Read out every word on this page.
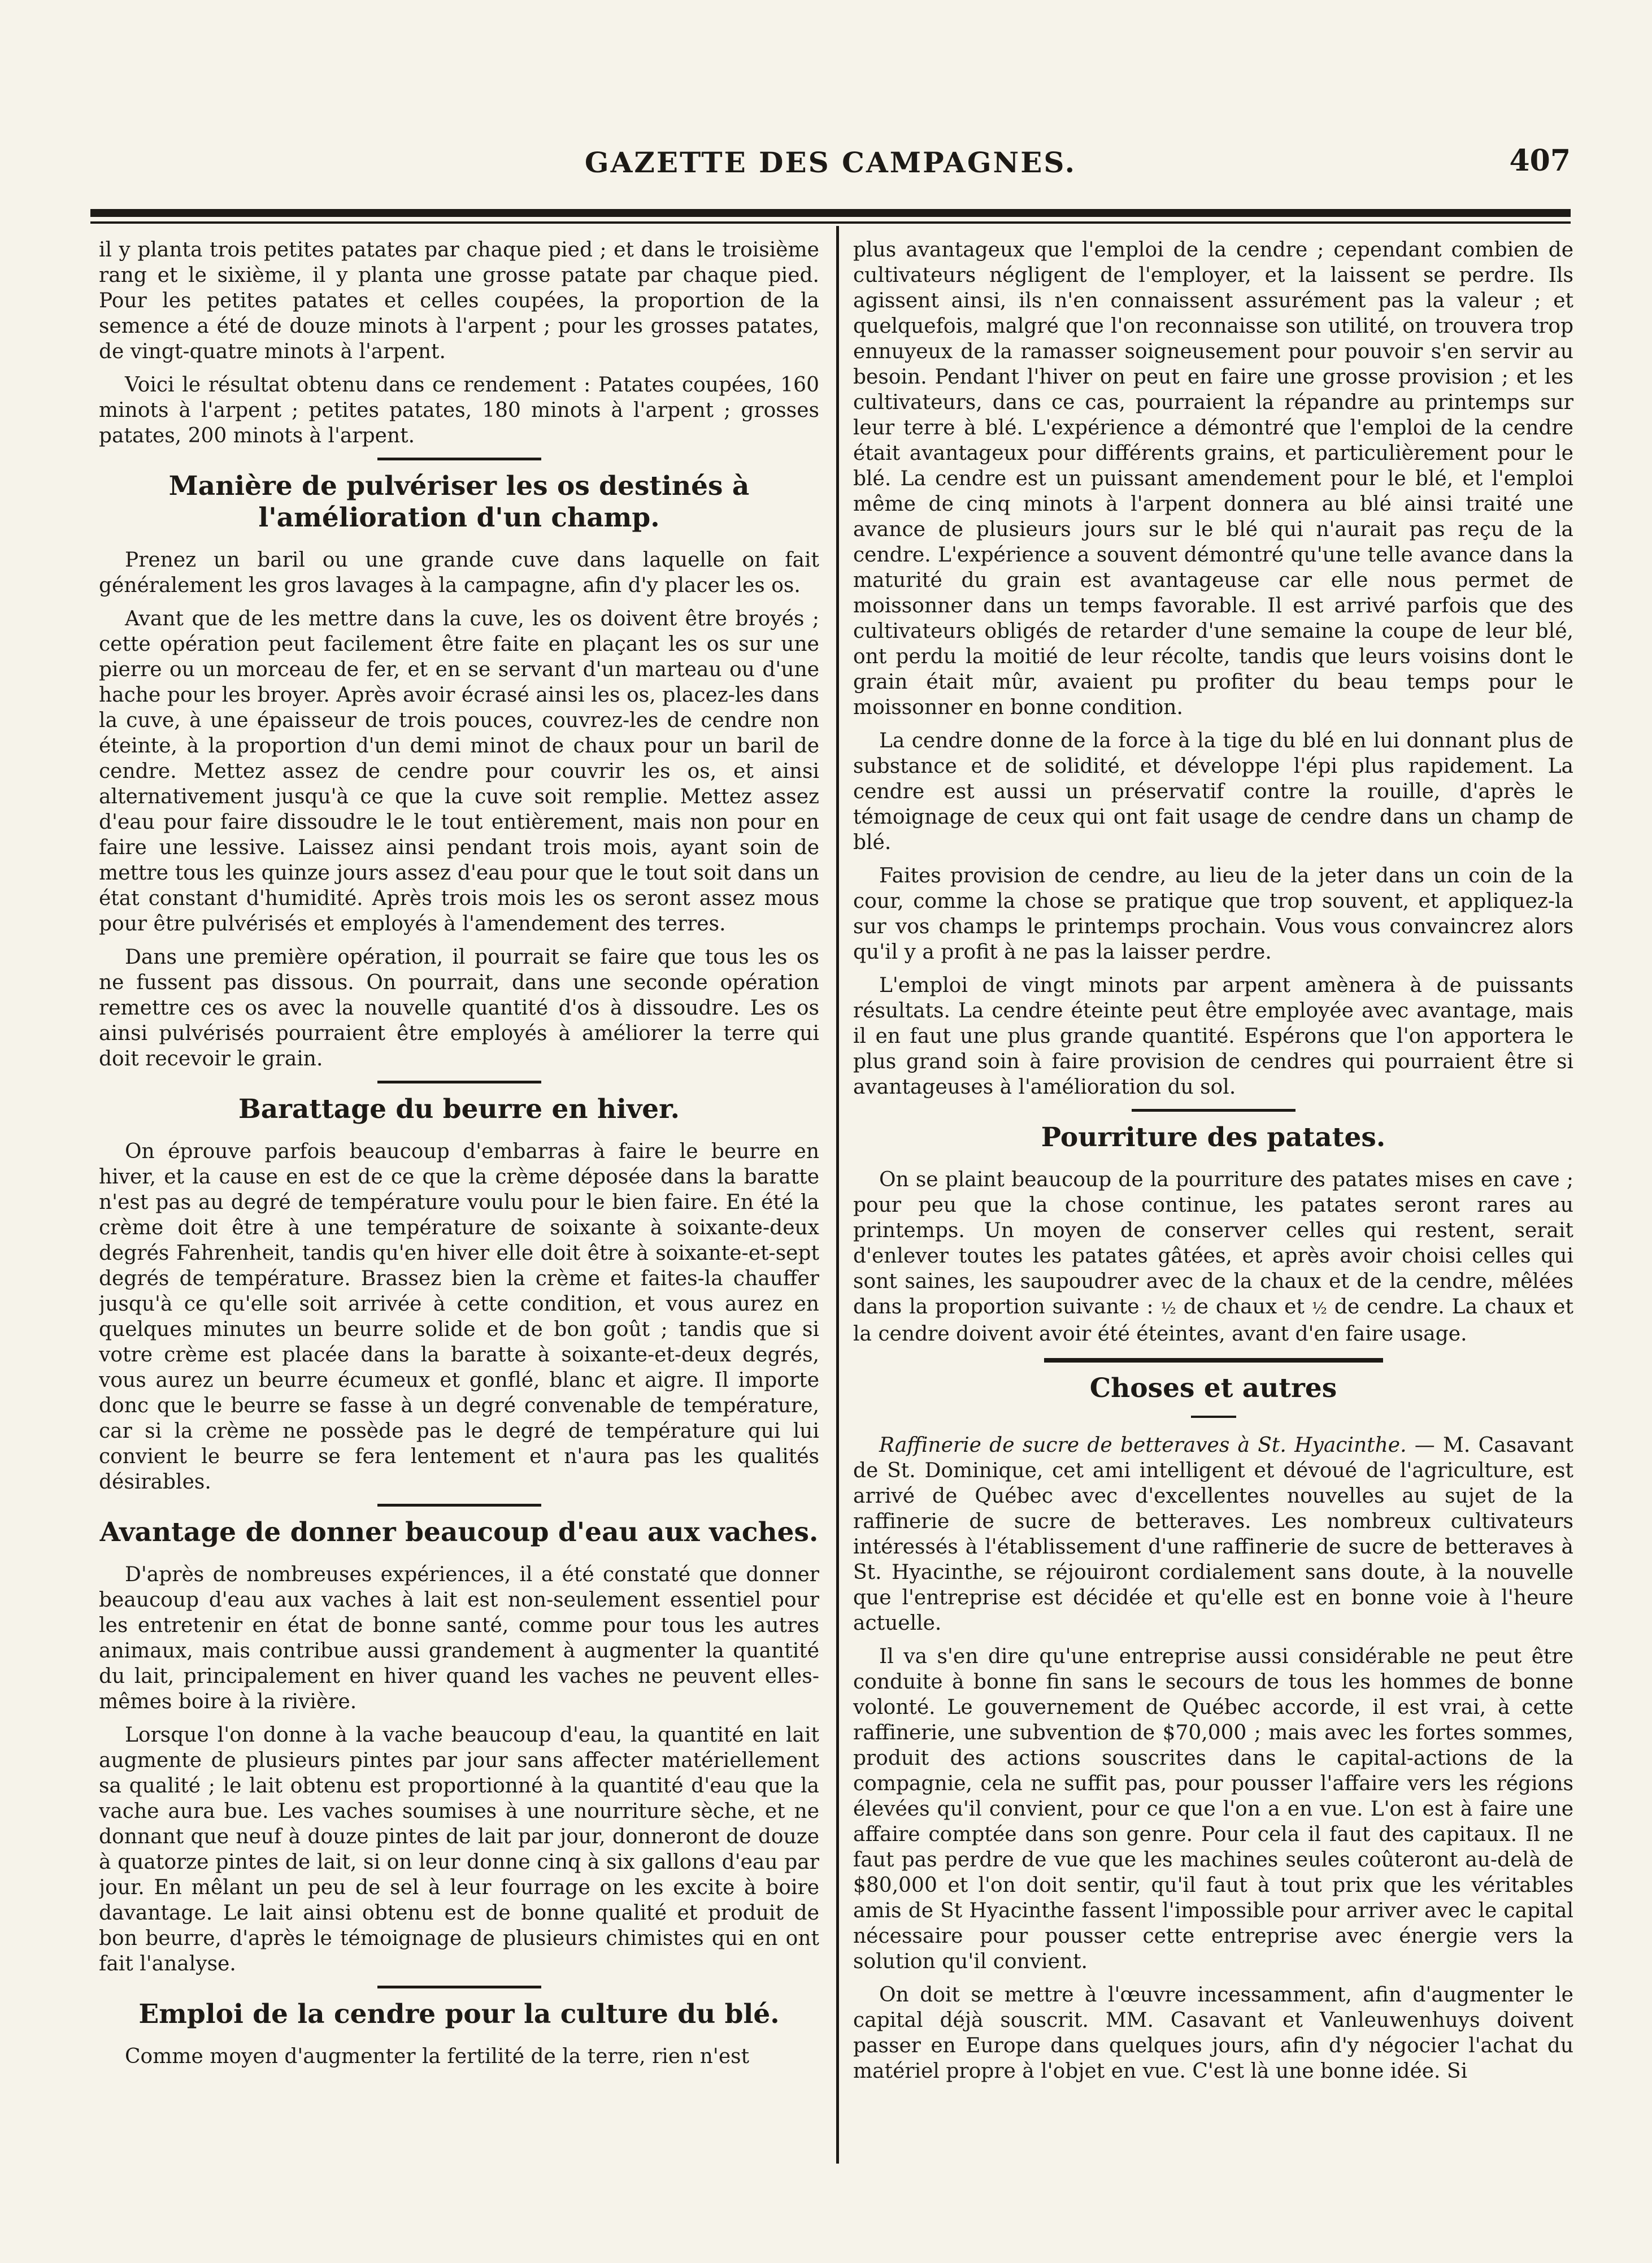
GAZETTE DES CAMPAGNES.	407

il y planta trois petites patates par chaque pied ; et dans le troisième rang et le sixième, il y planta une grosse patate par chaque pied. Pour les petites patates et celles coupées, la proportion de la semence a été de douze minots à l'arpent ; pour les grosses patates, de vingt-quatre minots à l'arpent.

Voici le résultat obtenu dans ce rendement : Patates coupées, 160 minots à l'arpent ; petites patates, 180 minots à l'arpent ; grosses patates, 200 minots à l'arpent.

Manière de pulvériser les os destinés à l'amélioration d'un champ.

Prenez un baril ou une grande cuve dans laquelle on fait généralement les gros lavages à la campagne, afin d'y placer les os.

Avant que de les mettre dans la cuve, les os doivent être broyés ; cette opération peut facilement être faite en plaçant les os sur une pierre ou un morceau de fer, et en se servant d'un marteau ou d'une hache pour les broyer. Après avoir écrasé ainsi les os, placez-les dans la cuve, à une épaisseur de trois pouces, couvrez-les de cendre non éteinte, à la proportion d'un demi minot de chaux pour un baril de cendre. Mettez assez de cendre pour couvrir les os, et ainsi alternativement jusqu'à ce que la cuve soit remplie. Mettez assez d'eau pour faire dissoudre le le tout entièrement, mais non pour en faire une lessive. Laissez ainsi pendant trois mois, ayant soin de mettre tous les quinze jours assez d'eau pour que le tout soit dans un état constant d'humidité. Après trois mois les os seront assez mous pour être pulvérisés et employés à l'amendement des terres.

Dans une première opération, il pourrait se faire que tous les os ne fussent pas dissous. On pourrait, dans une seconde opération remettre ces os avec la nouvelle quantité d'os à dissoudre. Les os ainsi pulvérisés pourraient être employés à améliorer la terre qui doit recevoir le grain.

Barattage du beurre en hiver.

On éprouve parfois beaucoup d'embarras à faire le beurre en hiver, et la cause en est de ce que la crème déposée dans la baratte n'est pas au degré de température voulu pour le bien faire. En été la crème doit être à une température de soixante à soixante-deux degrés Fahrenheit, tandis qu'en hiver elle doit être à soixante-et-sept degrés de température. Brassez bien la crème et faites-la chauffer jusqu'à ce qu'elle soit arrivée à cette condition, et vous aurez en quelques minutes un beurre solide et de bon goût ; tandis que si votre crème est placée dans la baratte à soixante-et-deux degrés, vous aurez un beurre écumeux et gonflé, blanc et aigre. Il importe donc que le beurre se fasse à un degré convenable de température, car si la crème ne possède pas le degré de température qui lui convient le beurre se fera lentement et n'aura pas les qualités désirables.

Avantage de donner beaucoup d'eau aux vaches.

D'après de nombreuses expériences, il a été constaté que donner beaucoup d'eau aux vaches à lait est non-seulement essentiel pour les entretenir en état de bonne santé, comme pour tous les autres animaux, mais contribue aussi grandement à augmenter la quantité du lait, principalement en hiver quand les vaches ne peuvent elles-mêmes boire à la rivière.

Lorsque l'on donne à la vache beaucoup d'eau, la quantité en lait augmente de plusieurs pintes par jour sans affecter matériellement sa qualité ; le lait obtenu est proportionné à la quantité d'eau que la vache aura bue. Les vaches soumises à une nourriture sèche, et ne donnant que neuf à douze pintes de lait par jour, donneront de douze à quatorze pintes de lait, si on leur donne cinq à six gallons d'eau par jour. En mêlant un peu de sel à leur fourrage on les excite à boire davantage. Le lait ainsi obtenu est de bonne qualité et produit de bon beurre, d'après le témoignage de plusieurs chimistes qui en ont fait l'analyse.

Emploi de la cendre pour la culture du blé.

Comme moyen d'augmenter la fertilité de la terre, rien n'est

plus avantageux que l'emploi de la cendre ; cependant combien de cultivateurs négligent de l'employer, et la laissent se perdre. Ils agissent ainsi, ils n'en connaissent assurément pas la valeur ; et quelquefois, malgré que l'on reconnaisse son utilité, on trouvera trop ennuyeux de la ramasser soigneusement pour pouvoir s'en servir au besoin. Pendant l'hiver on peut en faire une grosse provision ; et les cultivateurs, dans ce cas, pourraient la répandre au printemps sur leur terre à blé. L'expérience a démontré que l'emploi de la cendre était avantageux pour différents grains, et particulièrement pour le blé. La cendre est un puissant amendement pour le blé, et l'emploi même de cinq minots à l'arpent donnera au blé ainsi traité une avance de plusieurs jours sur le blé qui n'aurait pas reçu de la cendre. L'expérience a souvent démontré qu'une telle avance dans la maturité du grain est avantageuse car elle nous permet de moissonner dans un temps favorable. Il est arrivé parfois que des cultivateurs obligés de retarder d'une semaine la coupe de leur blé, ont perdu la moitié de leur récolte, tandis que leurs voisins dont le grain était mûr, avaient pu profiter du beau temps pour le moissonner en bonne condition.

La cendre donne de la force à la tige du blé en lui donnant plus de substance et de solidité, et développe l'épi plus rapidement. La cendre est aussi un préservatif contre la rouille, d'après le témoignage de ceux qui ont fait usage de cendre dans un champ de blé.

Faites provision de cendre, au lieu de la jeter dans un coin de la cour, comme la chose se pratique que trop souvent, et appliquez-la sur vos champs le printemps prochain. Vous vous convaincrez alors qu'il y a profit à ne pas la laisser perdre.

L'emploi de vingt minots par arpent amènera à de puissants résultats. La cendre éteinte peut être employée avec avantage, mais il en faut une plus grande quantité. Espérons que l'on apportera le plus grand soin à faire provision de cendres qui pourraient être si avantageuses à l'amélioration du sol.

Pourriture des patates.

On se plaint beaucoup de la pourriture des patates mises en cave ; pour peu que la chose continue, les patates seront rares au printemps. Un moyen de conserver celles qui restent, serait d'enlever toutes les patates gâtées, et après avoir choisi celles qui sont saines, les saupoudrer avec de la chaux et de la cendre, mêlées dans la proportion suivante : ½ de chaux et ½ de cendre. La chaux et la cendre doivent avoir été éteintes, avant d'en faire usage.

Choses et autres

Raffinerie de sucre de betteraves à St. Hyacinthe. — M. Casavant de St. Dominique, cet ami intelligent et dévoué de l'agriculture, est arrivé de Québec avec d'excellentes nouvelles au sujet de la raffinerie de sucre de betteraves. Les nombreux cultivateurs intéressés à l'établissement d'une raffinerie de sucre de betteraves à St. Hyacinthe, se réjouiront cordialement sans doute, à la nouvelle que l'entreprise est décidée et qu'elle est en bonne voie à l'heure actuelle.

Il va s'en dire qu'une entreprise aussi considérable ne peut être conduite à bonne fin sans le secours de tous les hommes de bonne volonté. Le gouvernement de Québec accorde, il est vrai, à cette raffinerie, une subvention de $70,000 ; mais avec les fortes sommes, produit des actions souscrites dans le capital-actions de la compagnie, cela ne suffit pas, pour pousser l'affaire vers les régions élevées qu'il convient, pour ce que l'on a en vue. L'on est à faire une affaire comptée dans son genre. Pour cela il faut des capitaux. Il ne faut pas perdre de vue que les machines seules coûteront au-delà de $80,000 et l'on doit sentir, qu'il faut à tout prix que les véritables amis de St Hyacinthe fassent l'impossible pour arriver avec le capital nécessaire pour pousser cette entreprise avec énergie vers la solution qu'il convient.

On doit se mettre à l'œuvre incessamment, afin d'augmenter le capital déjà souscrit. MM. Casavant et Vanleuwenhuys doivent passer en Europe dans quelques jours, afin d'y négocier l'achat du matériel propre à l'objet en vue. C'est là une bonne idée. Si
